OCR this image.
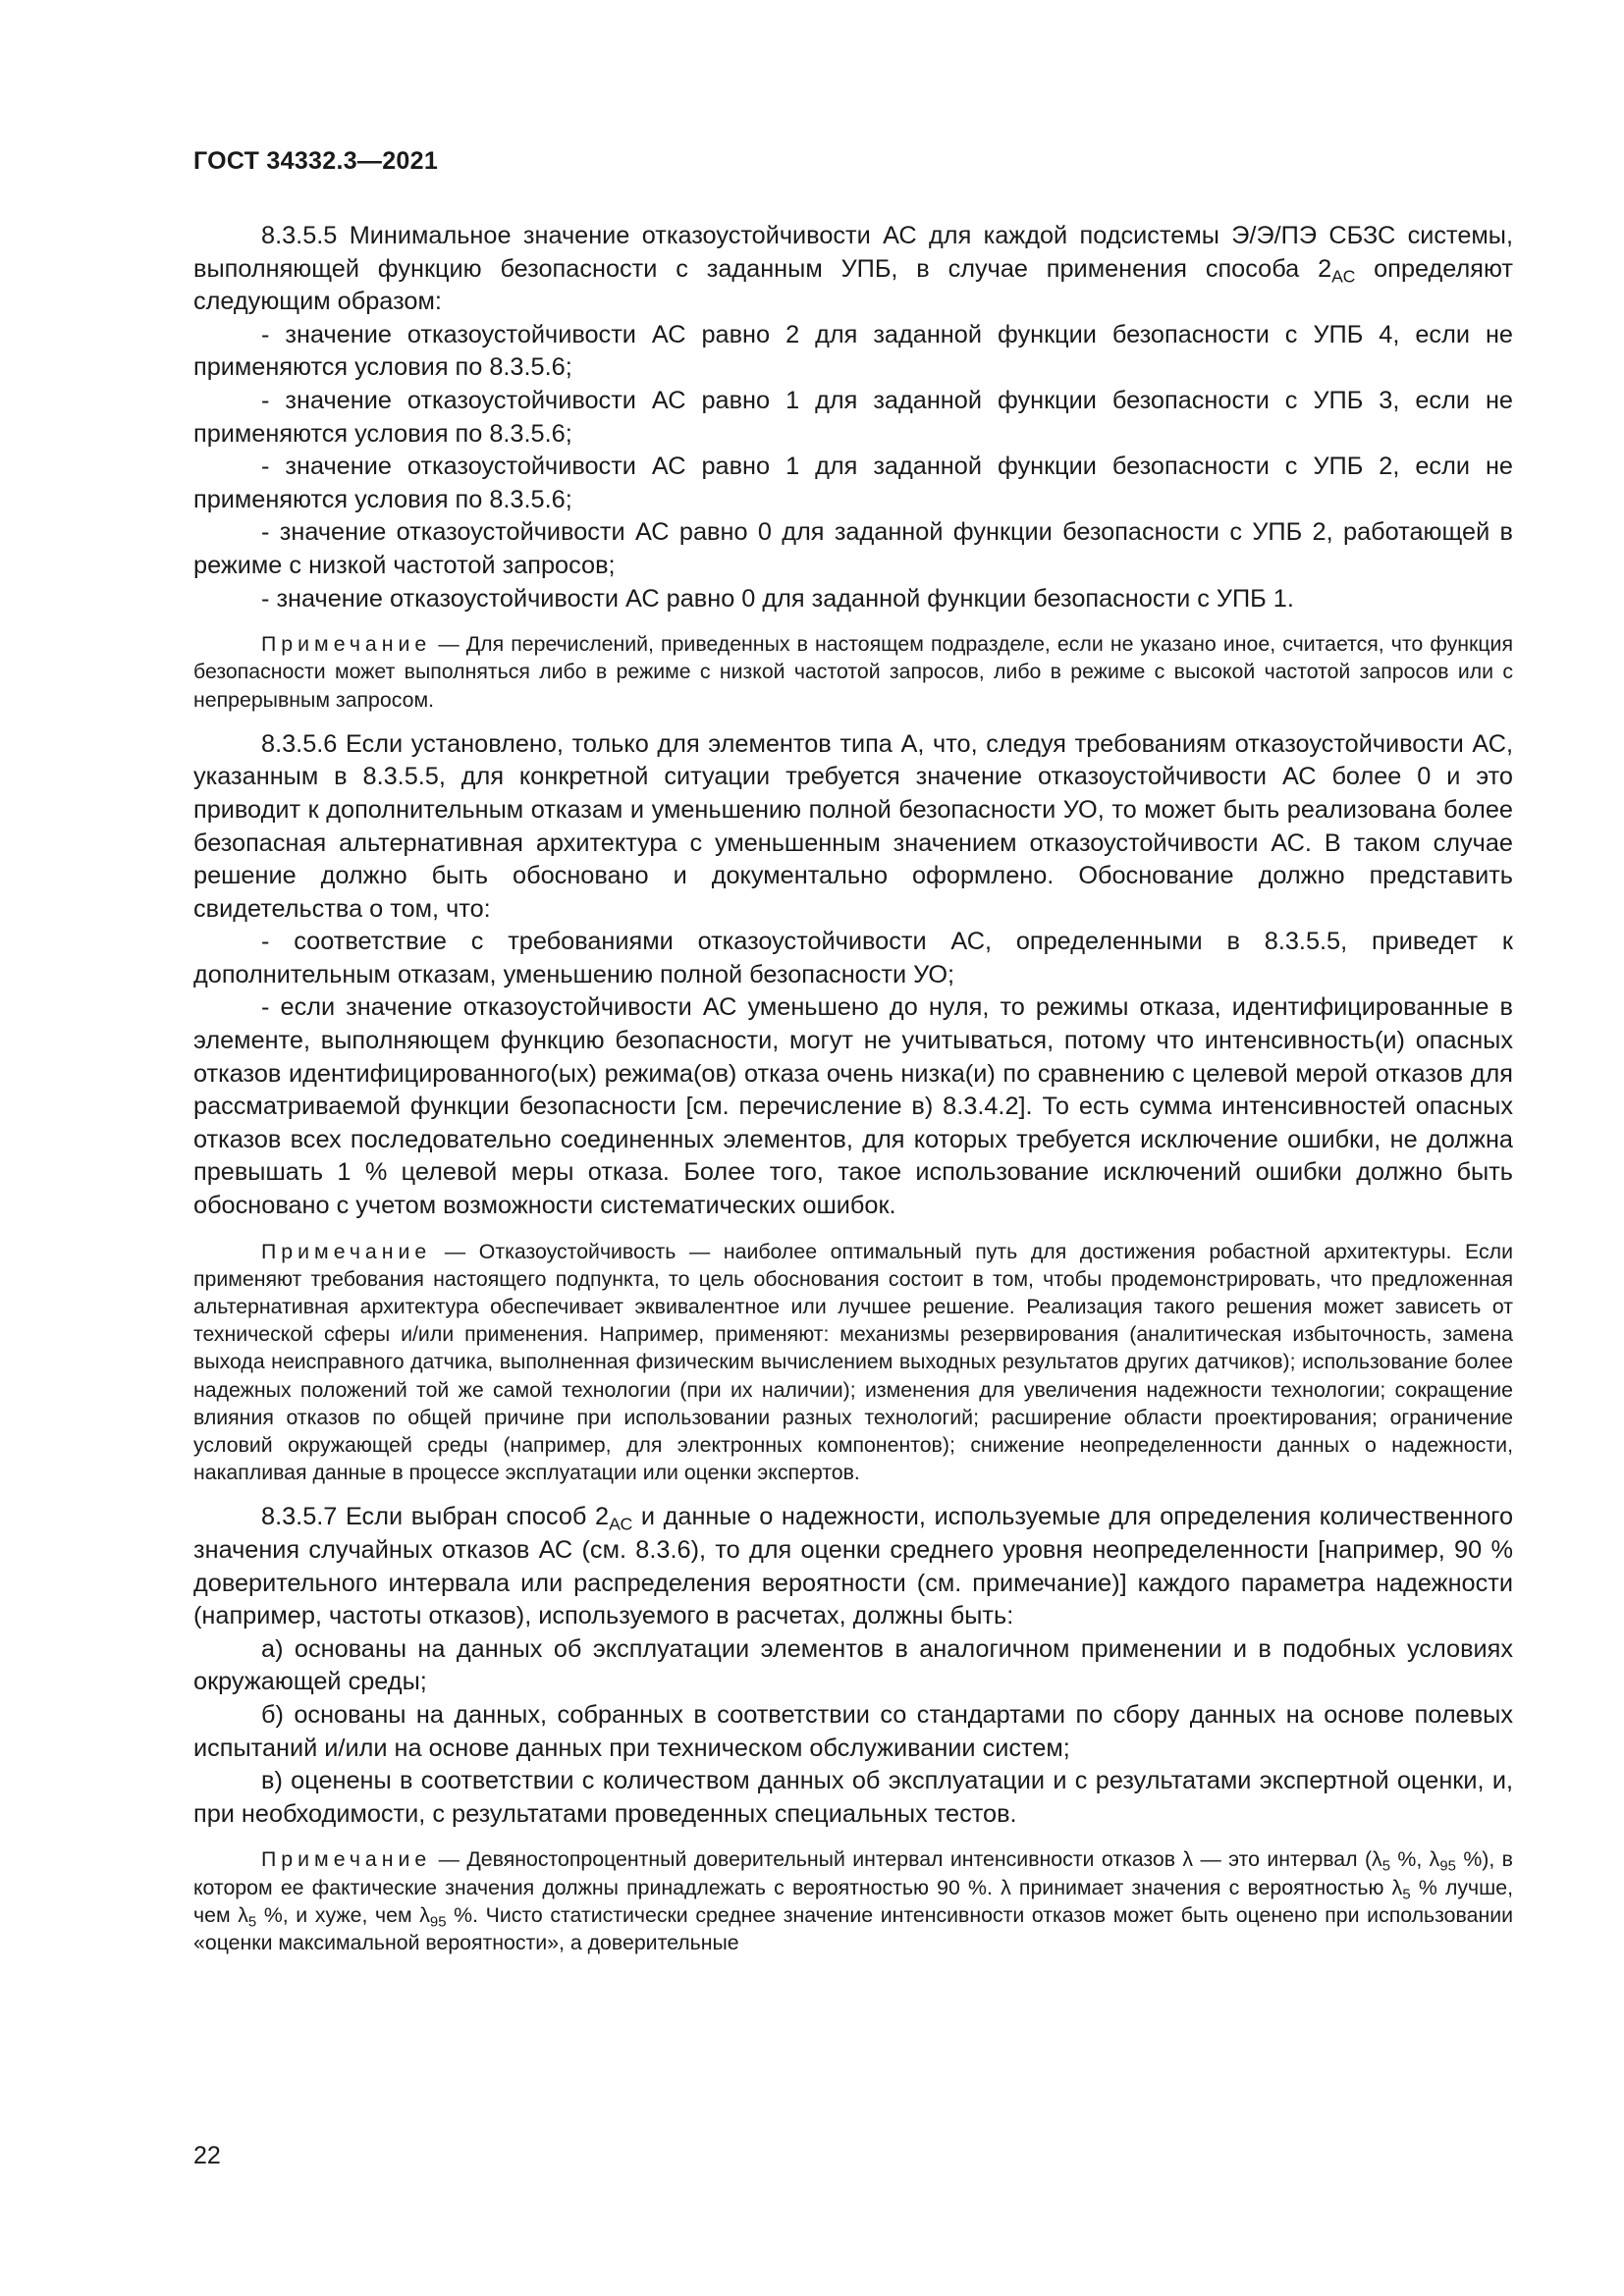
ГОСТ 34332.3—2021

8.3.5.5 Минимальное значение отказоустойчивости АС для каждой подсистемы Э/Э/ПЭ СБЗС системы, выполняющей функцию безопасности с заданным УПБ, в случае применения способа $2_{АС}$ определяют следующим образом:

- значение отказоустойчивости АС равно 2 для заданной функции безопасности с УПБ 4, если не применяются условия по 8.3.5.6;

- значение отказоустойчивости АС равно 1 для заданной функции безопасности с УПБ 3, если не применяются условия по 8.3.5.6;

- значение отказоустойчивости АС равно 1 для заданной функции безопасности с УПБ 2, если не применяются условия по 8.3.5.6;

- значение отказоустойчивости АС равно 0 для заданной функции безопасности с УПБ 2, работающей в режиме с низкой частотой запросов;

- значение отказоустойчивости АС равно 0 для заданной функции безопасности с УПБ 1.

Примечание — Для перечислений, приведенных в настоящем подразделе, если не указано иное, считается, что функция безопасности может выполняться либо в режиме с низкой частотой запросов, либо в режиме с высокой частотой запросов или с непрерывным запросом.

8.3.5.6 Если установлено, только для элементов типа А, что, следуя требованиям отказоустойчивости АС, указанным в 8.3.5.5, для конкретной ситуации требуется значение отказоустойчивости АС более 0 и это приводит к дополнительным отказам и уменьшению полной безопасности УО, то может быть реализована более безопасная альтернативная архитектура с уменьшенным значением отказоустойчивости АС. В таком случае решение должно быть обосновано и документально оформлено. Обоснование должно представить свидетельства о том, что:

- соответствие с требованиями отказоустойчивости АС, определенными в 8.3.5.5, приведет к дополнительным отказам, уменьшению полной безопасности УО;

- если значение отказоустойчивости АС уменьшено до нуля, то режимы отказа, идентифицированные в элементе, выполняющем функцию безопасности, могут не учитываться, потому что интенсивность(и) опасных отказов идентифицированного(ых) режима(ов) отказа очень низка(и) по сравнению с целевой мерой отказов для рассматриваемой функции безопасности [см. перечисление в) 8.3.4.2]. То есть сумма интенсивностей опасных отказов всех последовательно соединенных элементов, для которых требуется исключение ошибки, не должна превышать 1 % целевой меры отказа. Более того, такое использование исключений ошибки должно быть обосновано с учетом возможности систематических ошибок.

Примечание — Отказоустойчивость — наиболее оптимальный путь для достижения робастной архитектуры. Если применяют требования настоящего подпункта, то цель обоснования состоит в том, чтобы продемонстрировать, что предложенная альтернативная архитектура обеспечивает эквивалентное или лучшее решение. Реализация такого решения может зависеть от технической сферы и/или применения. Например, применяют: механизмы резервирования (аналитическая избыточность, замена выхода неисправного датчика, выполненная физическим вычислением выходных результатов других датчиков); использование более надежных положений той же самой технологии (при их наличии); изменения для увеличения надежности технологии; сокращение влияния отказов по общей причине при использовании разных технологий; расширение области проектирования; ограничение условий окружающей среды (например, для электронных компонентов); снижение неопределенности данных о надежности, накапливая данные в процессе эксплуатации или оценки экспертов.

8.3.5.7 Если выбран способ $2_{АС}$ и данные о надежности, используемые для определения количественного значения случайных отказов АС (см. 8.3.6), то для оценки среднего уровня неопределенности [например, 90 % доверительного интервала или распределения вероятности (см. примечание)] каждого параметра надежности (например, частоты отказов), используемого в расчетах, должны быть:

а) основаны на данных об эксплуатации элементов в аналогичном применении и в подобных условиях окружающей среды;

б) основаны на данных, собранных в соответствии со стандартами по сбору данных на основе полевых испытаний и/или на основе данных при техническом обслуживании систем;

в) оценены в соответствии с количеством данных об эксплуатации и с результатами экспертной оценки, и, при необходимости, с результатами проведенных специальных тестов.

Примечание — Девяностопроцентный доверительный интервал интенсивности отказов λ — это интервал ($\lambda_5$ %, $\lambda_{95}$ %), в котором ее фактические значения должны принадлежать с вероятностью 90 %. λ принимает значения с вероятностью $\lambda_5$ % лучше, чем $\lambda_5$ %, и хуже, чем $\lambda_{95}$ %. Чисто статистически среднее значение интенсивности отказов может быть оценено при использовании «оценки максимальной вероятности», а доверительные

22
